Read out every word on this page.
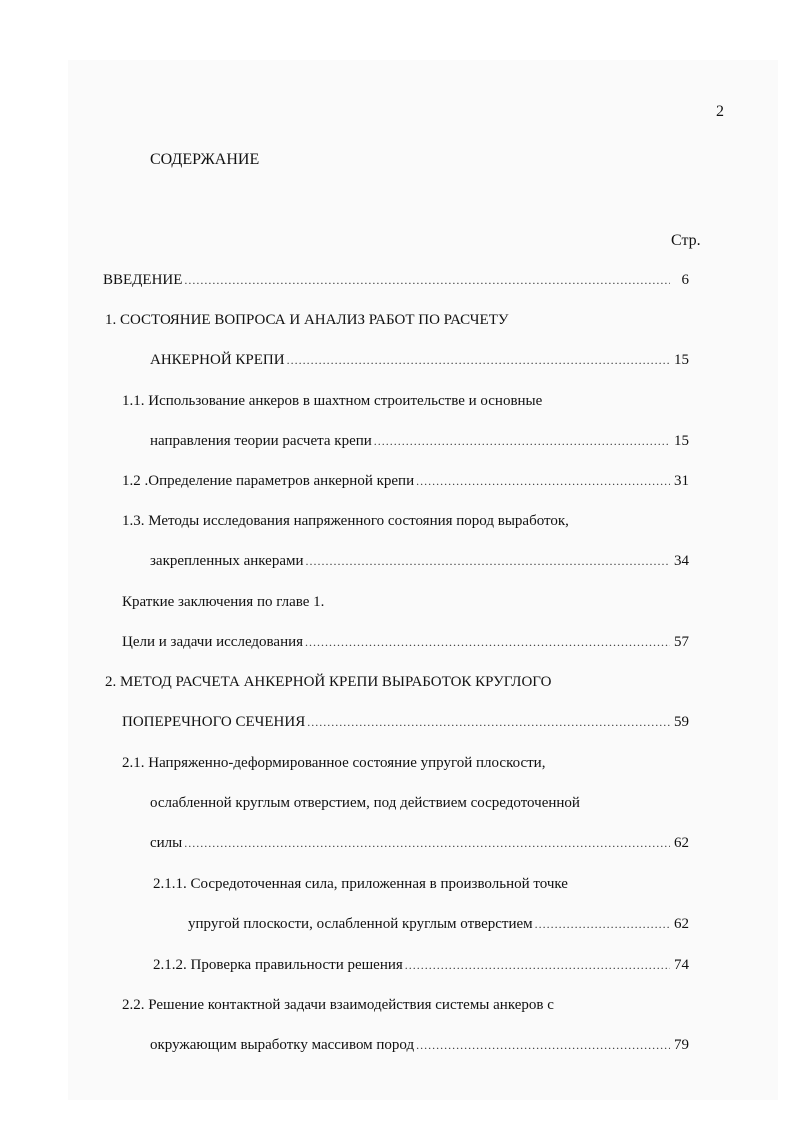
2
СОДЕРЖАНИЕ
Стр.
ВВЕДЕНИЕ .....	6
1. СОСТОЯНИЕ ВОПРОСА И АНАЛИЗ РАБОТ ПО РАСЧЕТУ
АНКЕРНОЙ КРЕПИ .....	15
1.1. Использование анкеров в шахтном строительстве и основные
направления теории расчета крепи .....	15
1.2 .Определение параметров анкерной крепи .....	31
1.3. Методы исследования напряженного состояния пород выработок,
закрепленных анкерами .....	34
Краткие заключения по главе 1.
Цели и задачи исследования .....	57
2. МЕТОД РАСЧЕТА АНКЕРНОЙ КРЕПИ ВЫРАБОТОК КРУГЛОГО
ПОПЕРЕЧНОГО СЕЧЕНИЯ .....	59
2.1. Напряженно-деформированное состояние упругой плоскости,
ослабленной круглым отверстием, под действием сосредоточенной
силы .....	62
2.1.1. Сосредоточенная сила, приложенная в произвольной точке
упругой плоскости, ослабленной круглым отверстием .....	62
2.1.2. Проверка правильности решения .....	74
2.2. Решение контактной задачи взаимодействия системы анкеров с
окружающим выработку массивом пород .....	79
